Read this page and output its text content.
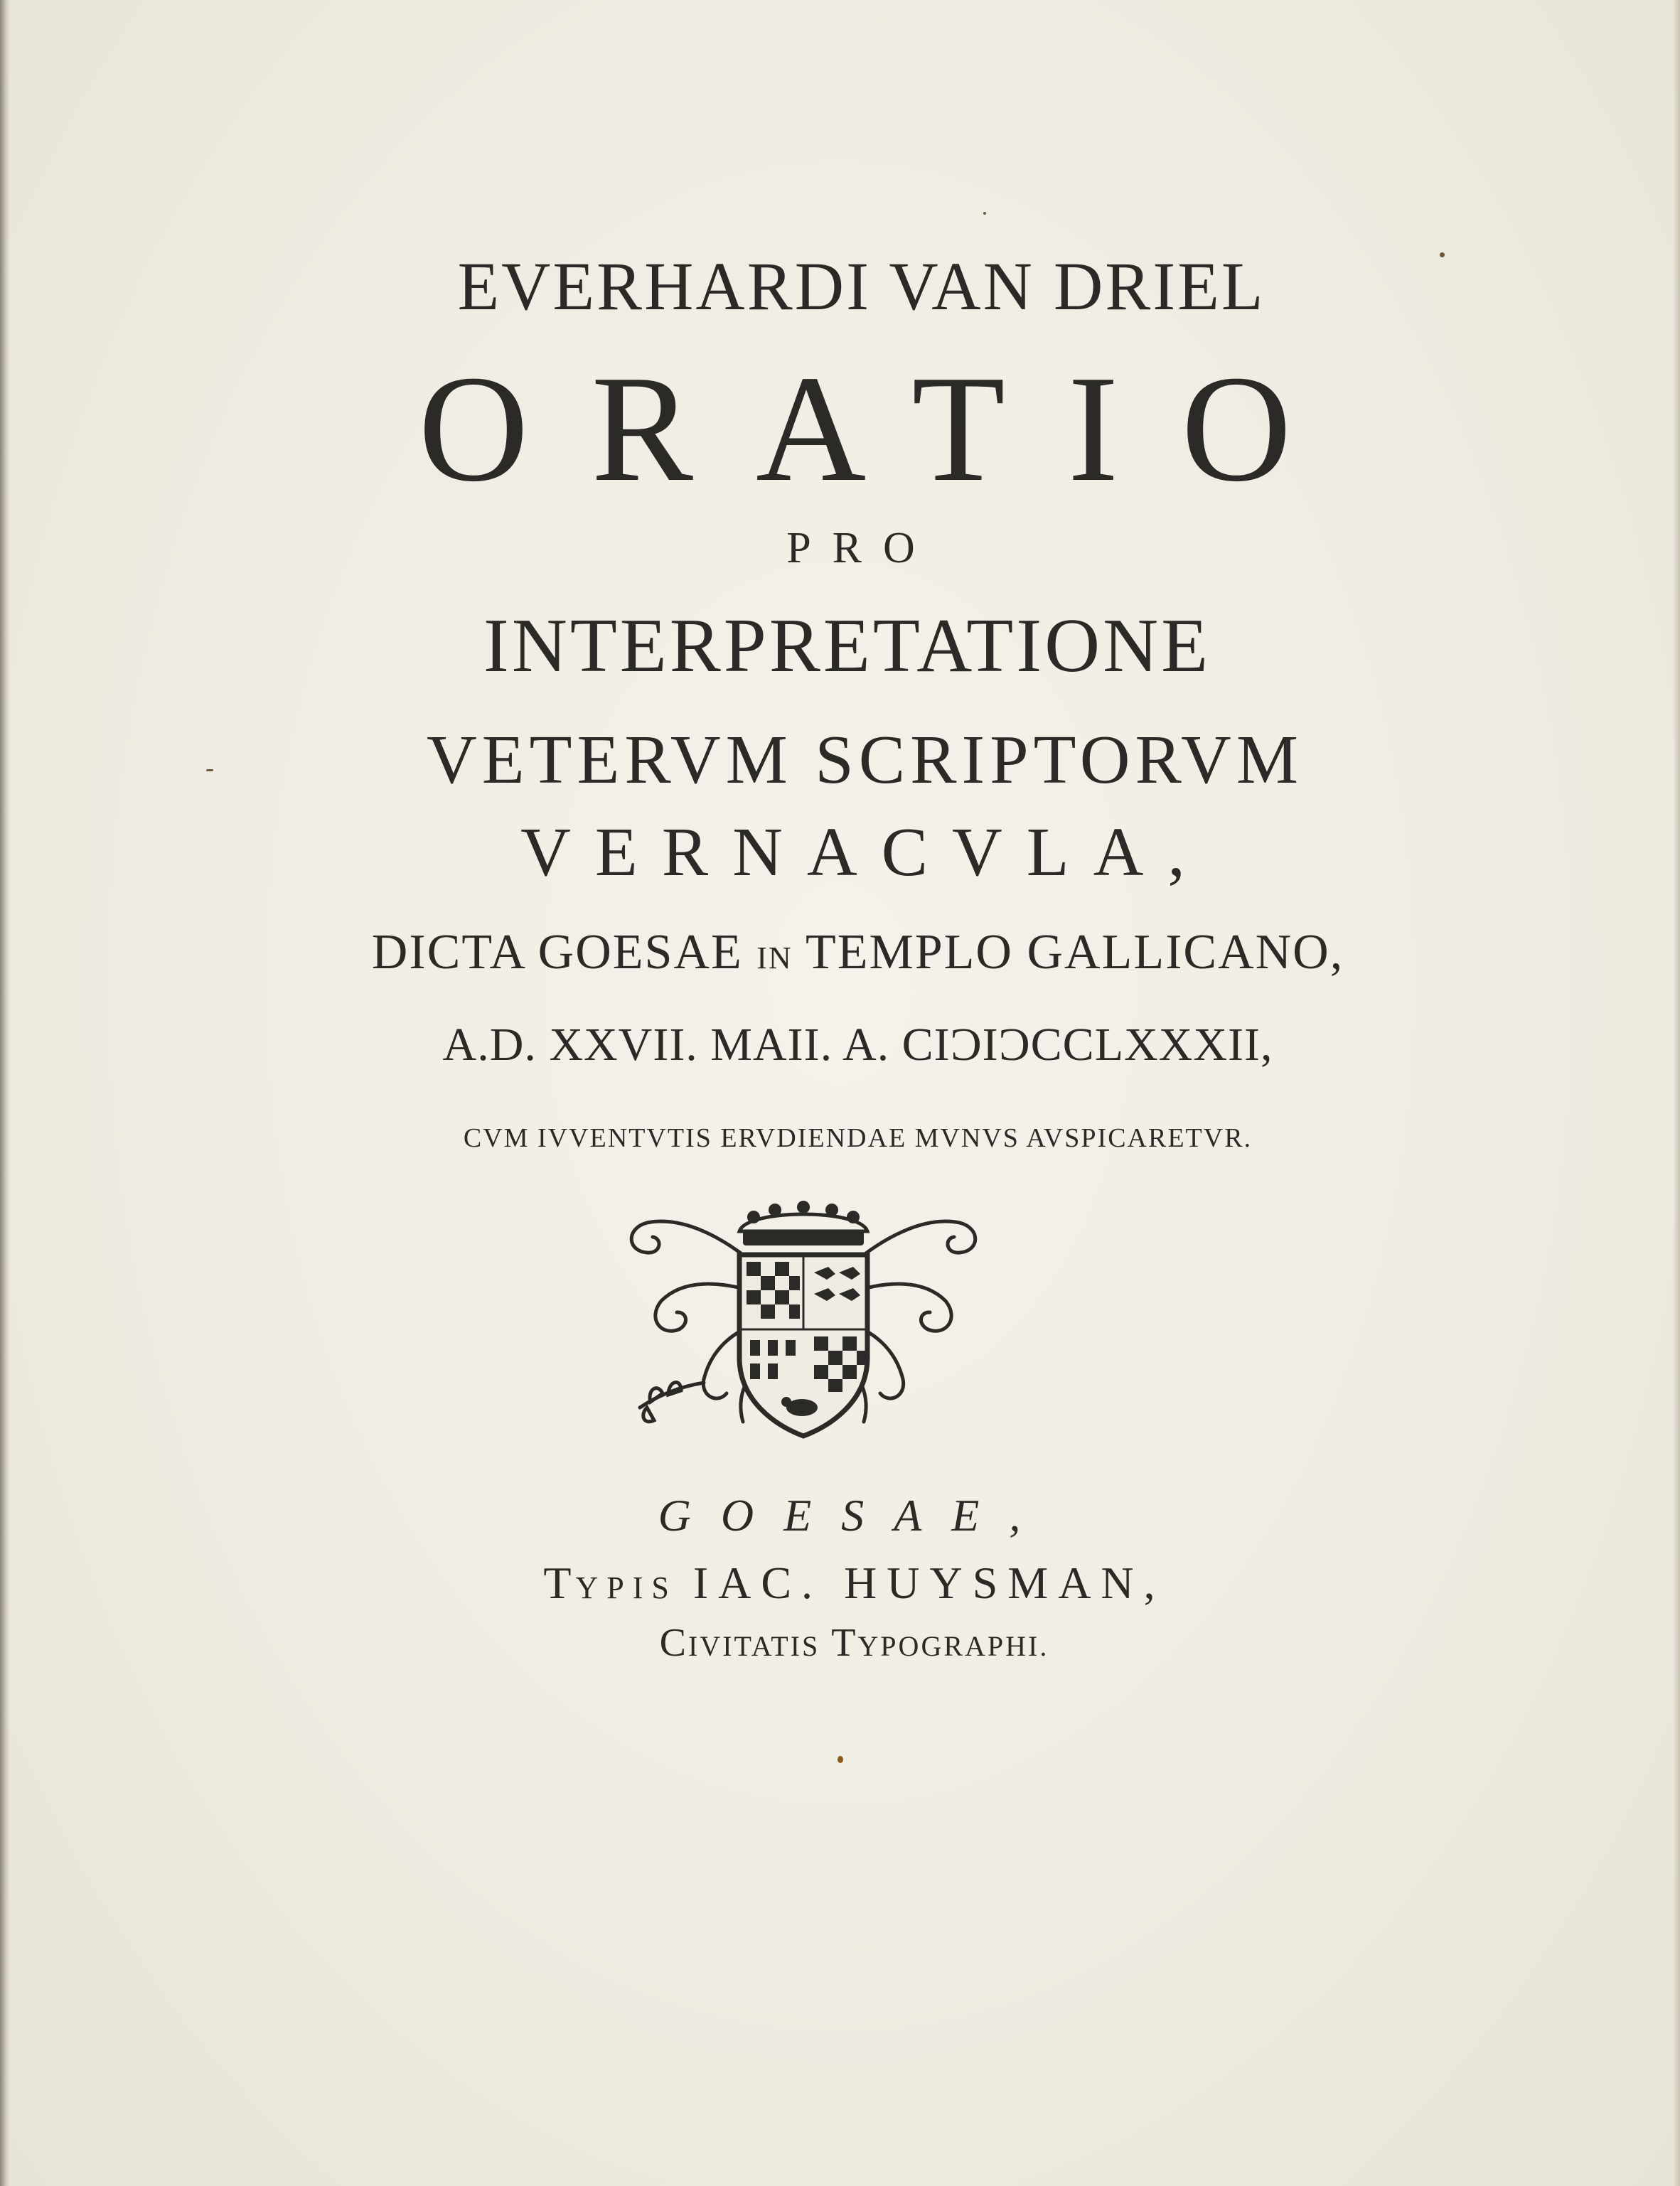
EVERHARDI VAN DRIEL
ORATIO
PRO
INTERPRETATIONE
VETERVM SCRIPTORVM
VERNACVLA,
DICTA GOESAE IN TEMPLO GALLICANO,
A.D. XXVII. MAII. A. CIƆIƆCCLXXXII,
CVM IVVENTVTIS ERVDIENDAE MVNVS AVSPICARETVR.
GOESAE,
TYPIS IAC. HUYSMAN,
CIVITATIS TYPOGRAPHI.
